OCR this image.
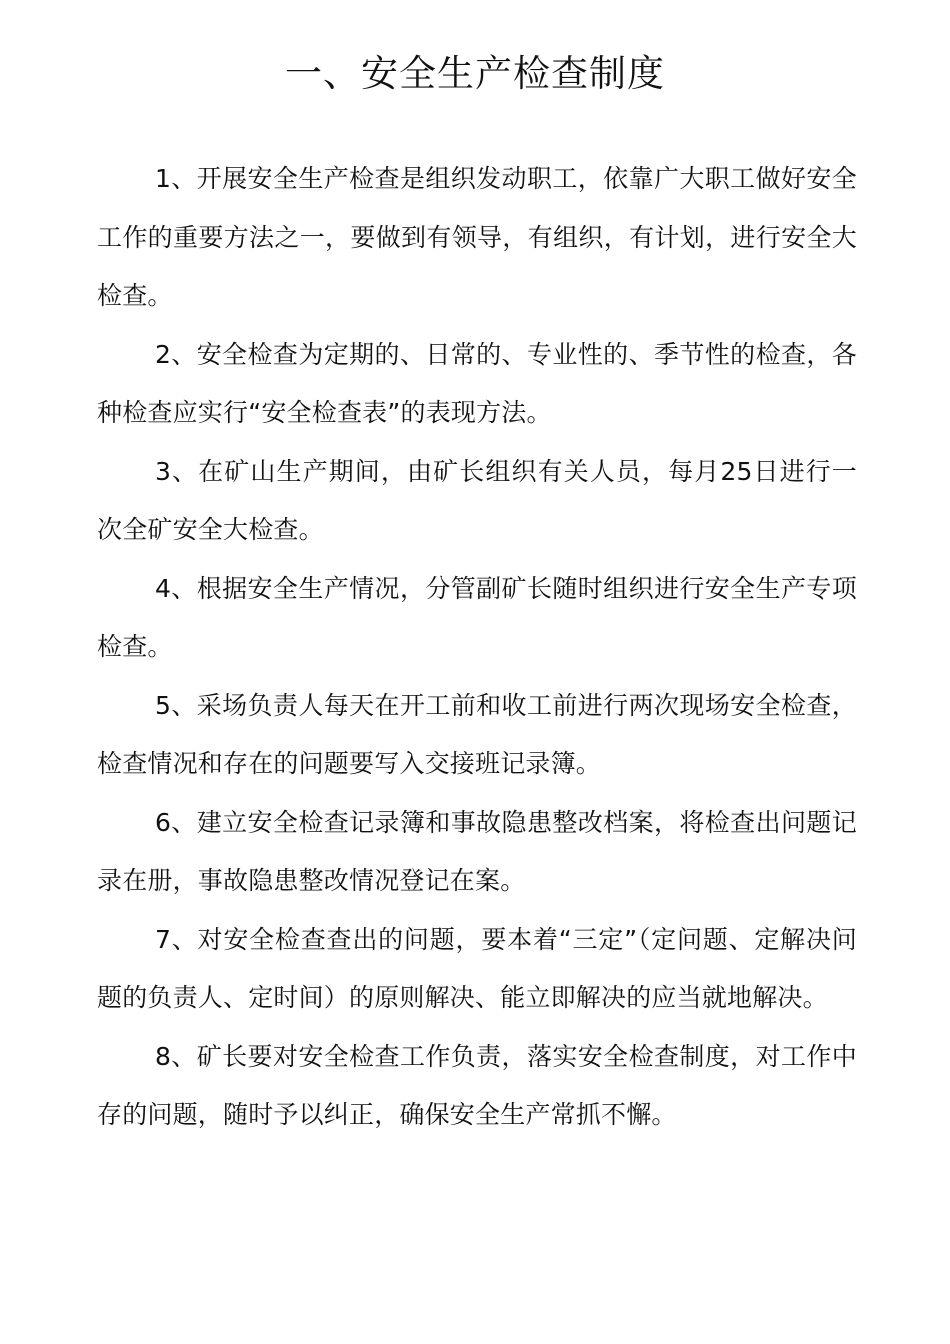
一、安全生产检查制度

1、开展安全生产检查是组织发动职工，依靠广大职工做好安全工作的重要方法之一，要做到有领导，有组织，有计划，进行安全大检查。

2、安全检查为定期的、日常的、专业性的、季节性的检查，各种检查应实行“安全检查表”的表现方法。

3、在矿山生产期间，由矿长组织有关人员，每月25日进行一次全矿安全大检查。

4、根据安全生产情况，分管副矿长随时组织进行安全生产专项检查。

5、采场负责人每天在开工前和收工前进行两次现场安全检查，检查情况和存在的问题要写入交接班记录簿。

6、建立安全检查记录簿和事故隐患整改档案，将检查出问题记录在册，事故隐患整改情况登记在案。

7、对安全检查查出的问题，要本着“三定”（定问题、定解决问题的负责人、定时间）的原则解决、能立即解决的应当就地解决。

8、矿长要对安全检查工作负责，落实安全检查制度，对工作中存的问题，随时予以纠正，确保安全生产常抓不懈。
